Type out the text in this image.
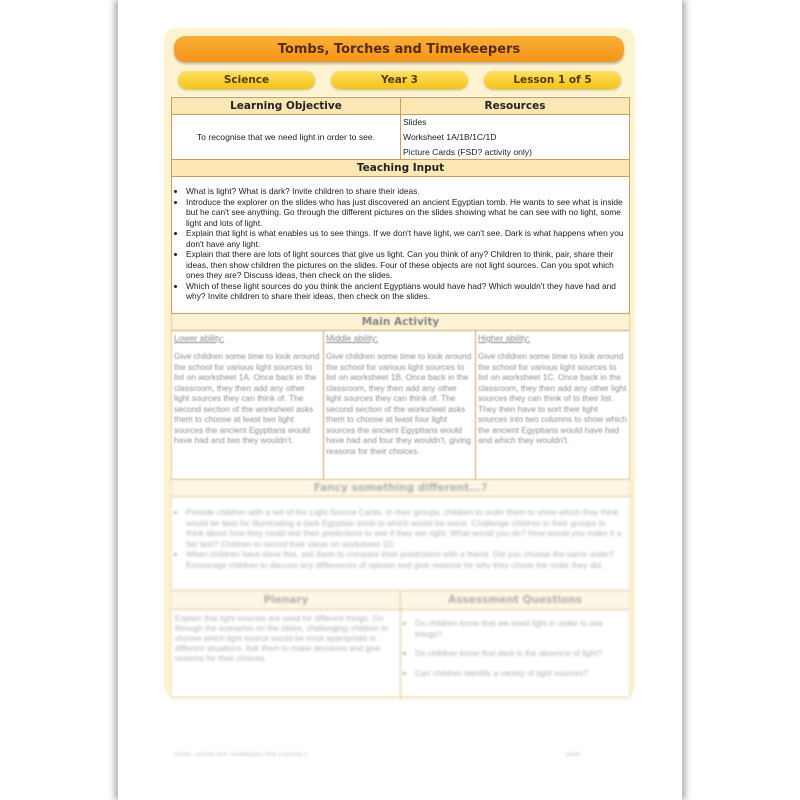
Tombs, Torches and Timekeepers
Science	Year 3	Lesson 1 of 5
Learning Objective	Resources
To recognise that we need light in order to see.
Slides
Worksheet 1A/1B/1C/1D
Picture Cards (FSD? activity only)
Teaching Input
• What is light? What is dark? Invite children to share their ideas.
• Introduce the explorer on the slides who has just discovered an ancient Egyptian tomb. He wants to see what is inside but he can't see anything. Go through the different pictures on the slides showing what he can see with no light, some light and lots of light.
• Explain that light is what enables us to see things. If we don't have light, we can't see. Dark is what happens when you don't have any light.
• Explain that there are lots of light sources that give us light. Can you think of any? Children to think, pair, share their ideas, then show children the pictures on the slides. Four of these objects are not light sources. Can you spot which ones they are? Discuss ideas, then check on the slides.
• Which of these light sources do you think the ancient Egyptians would have had? Which wouldn't they have had and why? Invite children to share their ideas, then check on the slides.
Main Activity
Lower ability:
Give children some time to look around the school for various light sources to list on worksheet 1A. Once back in the classroom, they then add any other light sources they can think of. The second section of the worksheet asks them to choose at least two light sources the ancient Egyptians would have had and two they wouldn't.
Middle ability:
Give children some time to look around the school for various light sources to list on worksheet 1B. Once back in the classroom, they then add any other light sources they can think of. The second section of the worksheet asks them to choose at least four light sources the ancient Egyptians would have had and four they wouldn't, giving reasons for their choices.
Higher ability:
Give children some time to look around the school for various light sources to list on worksheet 1C. Once back in the classroom, they then add any other light sources they can think of to their list. They then have to sort their light sources into two columns to show which the ancient Egyptians would have had and which they wouldn't.
Fancy something different...?
• Provide children with a set of the Light Source Cards. In their groups, children to order them to show which they think would be best for illuminating a dark Egyptian tomb to which would be worst. Challenge children in their groups to think about how they could test their predictions to see if they are right. What would you do? How would you make it a fair test? Children to record their ideas on worksheet 1D.
• When children have done this, ask them to compare their predictions with a friend. Did you choose the same order? Encourage children to discuss any differences of opinion and give reasons for why they chose the order they did.
Plenary	Assessment Questions
Explain that light sources are used for different things. Go through the scenarios on the slides, challenging children to choose which light source would be most appropriate in different situations. Ask them to make decisions and give reasons for their choices.
• Do children know that we need light in order to see things?
• Do children know that dark is the absence of light?
• Can children identify a variety of light sources?
Tombs, Torches and Timekeepers Year 3 Lesson 1	planit
